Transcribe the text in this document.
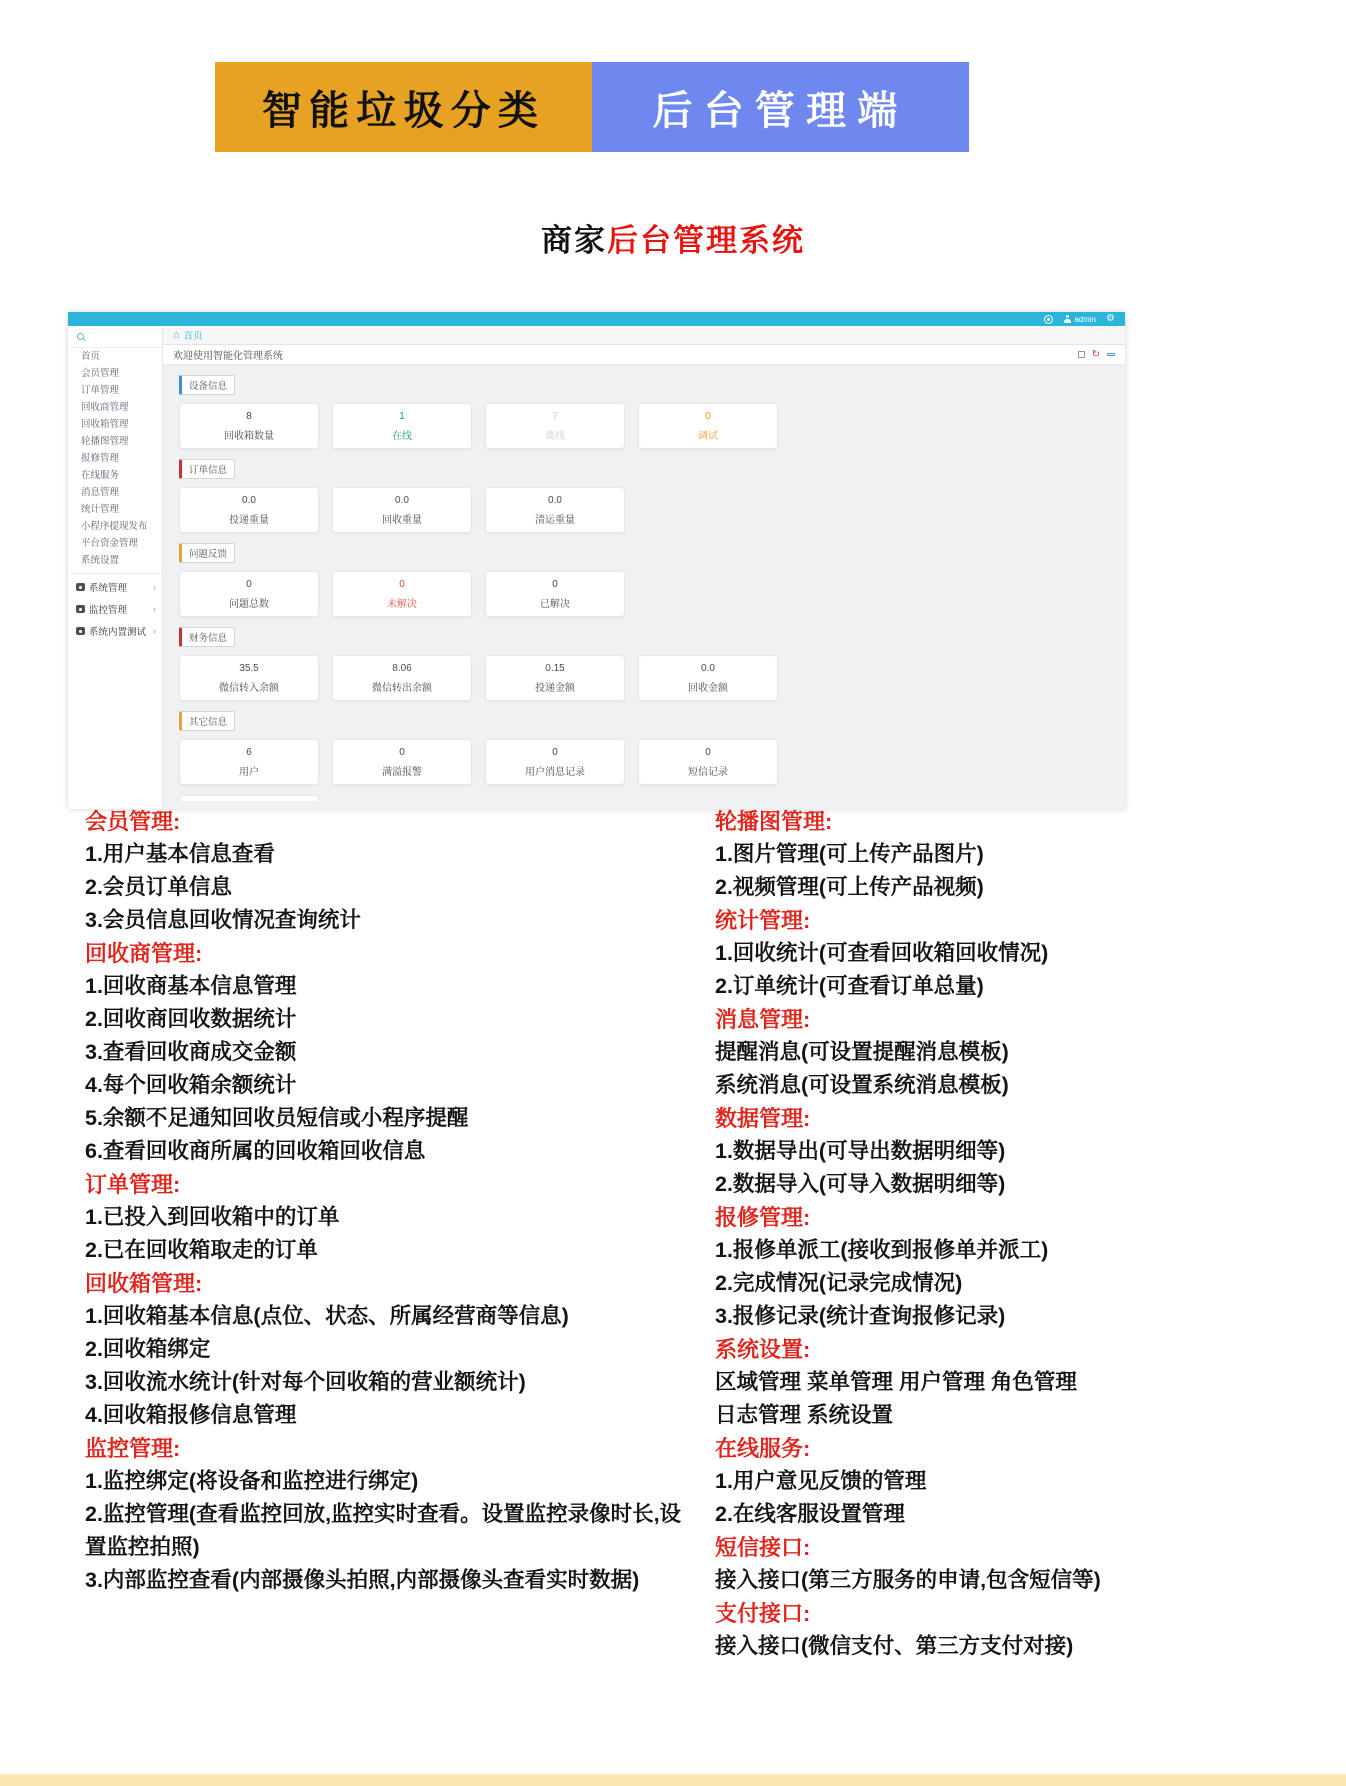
智能垃圾分类	后台管理端
商家后台管理系统
admin ⚙
首页
会员管理
订单管理
回收商管理
回收箱管理
轮播图管理
报修管理
在线服务
消息管理
统计管理
小程序提现发布
平台资金管理
系统设置
系统管理	›
监控管理	›
系统内置测试 ›
⌂ 首页
欢迎使用智能化管理系统	↻
设备信息
8
回收箱数量
1
在线
7
离线
0
调试
订单信息
0.0
投递重量
0.0
回收重量
0.0
清运重量
问题反馈
0
问题总数
0
未解决
0
已解决
财务信息
35.5
微信转入余额
8.06
微信转出余额
0.15
投递金额
0.0
回收金额
其它信息
6
用户
0
满溢报警
0
用户消息记录
0
短信记录
会员管理:
1.用户基本信息查看
2.会员订单信息
3.会员信息回收情况查询统计
回收商管理:
1.回收商基本信息管理
2.回收商回收数据统计
3.查看回收商成交金额
4.每个回收箱余额统计
5.余额不足通知回收员短信或小程序提醒
6.查看回收商所属的回收箱回收信息
订单管理:
1.已投入到回收箱中的订单
2.已在回收箱取走的订单
回收箱管理:
1.回收箱基本信息(点位、状态、所属经营商等信息)
2.回收箱绑定
3.回收流水统计(针对每个回收箱的营业额统计)
4.回收箱报修信息管理
监控管理:
1.监控绑定(将设备和监控进行绑定)
2.监控管理(查看监控回放,监控实时查看。设置监控录像时长,设置监控拍照)
3.内部监控查看(内部摄像头拍照,内部摄像头查看实时数据)
轮播图管理:
1.图片管理(可上传产品图片)
2.视频管理(可上传产品视频)
统计管理:
1.回收统计(可查看回收箱回收情况)
2.订单统计(可查看订单总量)
消息管理:
提醒消息(可设置提醒消息模板)
系统消息(可设置系统消息模板)
数据管理:
1.数据导出(可导出数据明细等)
2.数据导入(可导入数据明细等)
报修管理:
1.报修单派工(接收到报修单并派工)
2.完成情况(记录完成情况)
3.报修记录(统计查询报修记录)
系统设置:
区域管理 菜单管理 用户管理 角色管理
日志管理 系统设置
在线服务:
1.用户意见反馈的管理
2.在线客服设置管理
短信接口:
接入接口(第三方服务的申请,包含短信等)
支付接口:
接入接口(微信支付、第三方支付对接)
